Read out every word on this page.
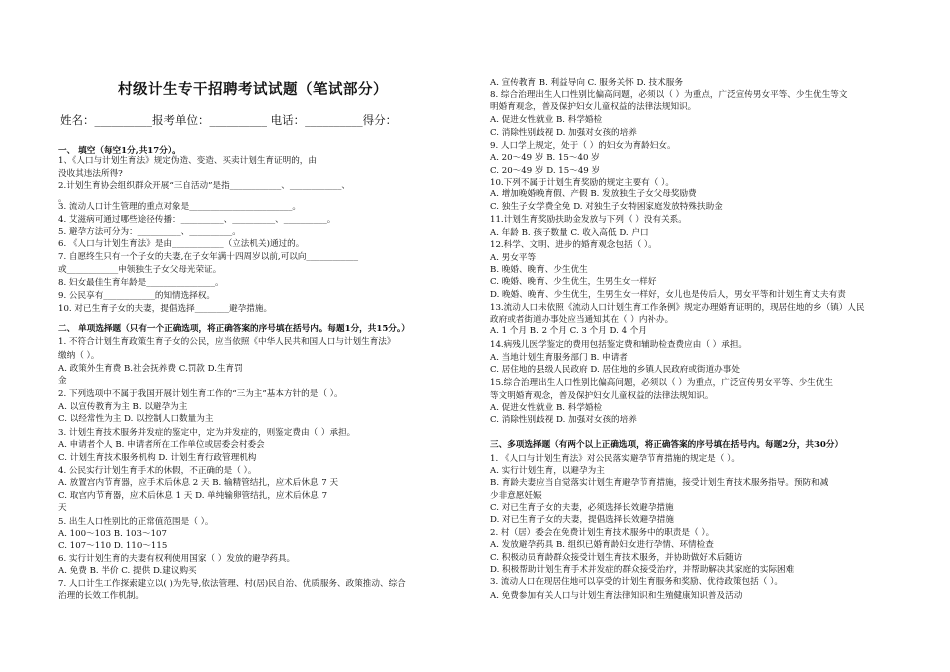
村级计生专干招聘考试试题（笔试部分）
姓名：__________报考单位：__________ 电话：__________得分：
一、 填空（每空1分,共17分）。
1、《人口与计划生育法》规定伪造、变造、买卖计划生育证明的，由
没收其违法所得?
2.计划生育协会组织群众开展“三自活动”是指____________、____________、
。
3. 流动人口计生管理的重点对象是________________________。
4. 艾滋病可通过哪些途径传播：__________、__________、__________。
5. 避孕方法可分为：__________、__________。
6. 《人口与计划生育法》是由____________（立法机关)通过的。
7. 自愿终生只有一个子女的夫妻,在子女年满十四周岁以前,可以向____________
或____________申领独生子女父母光荣证。
8. 妇女最佳生育年龄是________________。
9. 公民享有____________的知情选择权。
10. 对已生育子女的夫妻，提倡选择________避孕措施。
二、 单项选择题（只有一个正确选项，将正确答案的序号填在括号内。每题1分，共15分。）
1. 不符合计划生育政策生育子女的公民，应当依照《中华人民共和国人口与计划生育法》
缴纳（ ）。
A. 政策外生育费 B.社会抚养费 C.罚款 D.生育罚
金
2. 下列选项中不属于我国开展计划生育工作的“三为主”基本方针的是（ ）。
A. 以宣传教育为主 B. 以避孕为主
C. 以经常性为主 D. 以控制人口数量为主
3. 计划生育技术服务并发症的鉴定中，定为并发症的，则鉴定费由（ ）承担。
A. 申请者个人 B. 申请者所在工作单位或居委会村委会
C. 计划生育技术服务机构 D. 计划生育行政管理机构
4. 公民实行计划生育手术的休假，不正确的是（ ）。
A. 放置宫内节育器，应手术后休息 2 天 B. 输精管结扎，应术后休息 7 天
C. 取宫内节育器，应术后休息 1 天 D. 单纯输卵管结扎，应术后休息 7
天
5. 出生人口性别比的正常值范围是（ ）。
A. 100～103 B. 103～107
C. 107～110 D. 110～115
6. 实行计划生育的夫妻有权利使用国家（ ）发放的避孕药具。
A. 免费 B. 半价 C. 提供 D.建议购买
7. 人口计生工作探索建立以( )为先导,依法管理、村(居)民自治、优质服务、政策推动、综合
治理的长效工作机制。
A. 宣传教育 B. 利益导向 C. 服务关怀 D. 技术服务
8. 综合治理出生人口性别比偏高问题，必须以（ ）为重点，广泛宣传男女平等、少生优生等文
明婚育观念，普及保护妇女儿童权益的法律法规知识。
A. 促进女性就业 B. 科学婚检
C. 消除性别歧视 D. 加强对女孩的培养
9. 人口学上规定，处于（ ）的妇女为育龄妇女。
A. 20～49 岁 B. 15～40 岁
C. 20～49 岁 D. 15～49 岁
10.下列不属于计划生育奖励的规定主要有（ ）。
A. 增加晚婚晚育假、产假 B. 发放独生子女父母奖励费
C. 独生子女学费全免 D. 对独生子女特困家庭发放特殊扶助金
11.计划生育奖励扶助金发放与下列（ ）没有关系。
A. 年龄 B. 孩子数量 C. 收入高低 D. 户口
12.科学、文明、进步的婚育观念包括（ ）。
A. 男女平等
B. 晚婚、晚育、少生优生
C. 晚婚、晚育、少生优生，生男生女一样好
D. 晚婚、晚育、少生优生，生男生女一样好，女儿也是传后人，男女平等和计划生育丈夫有责
13.流动人口未依照《流动人口计划生育工作条例》规定办理婚育证明的，现居住地的乡（镇）人民
政府或者街道办事处应当通知其在（ ）内补办。
A. 1 个月 B. 2 个月 C. 3 个月 D. 4 个月
14.病残儿医学鉴定的费用包括鉴定费和辅助检查费应由（ ）承担。
A. 当地计划生育服务部门 B. 申请者
C. 居住地的县级人民政府 D. 居住地的乡镇人民政府或街道办事处
15.综合治理出生人口性别比偏高问题，必须以（ ）为重点，广泛宣传男女平等、少生优生
等文明婚育观念，普及保护妇女儿童权益的法律法规知识。
A. 促进女性就业 B. 科学婚检
C. 消除性别歧视 D. 加强对女孩的培养
三、多项选择题（有两个以上正确选项，将正确答案的序号填在括号内。每题2分，共30分）
1. 《人口与计划生育法》对公民落实避孕节育措施的规定是（ ）。
A. 实行计划生育，以避孕为主
B. 育龄夫妻应当自觉落实计划生育避孕节育措施，接受计划生育技术服务指导。预防和减
少非意愿妊娠
C. 对已生育子女的夫妻，必须选择长效避孕措施
D. 对已生育子女的夫妻，提倡选择长效避孕措施
2. 村（居）委会在免费计划生育技术服务中的职责是（ ）。
A. 发放避孕药具 B. 组织已婚育龄妇女进行孕情、环情检查
C. 积极动员育龄群众接受计划生育技术服务，并协助做好术后随访
D. 积极帮助计划生育手术并发症的群众接受治疗，并帮助解决其家庭的实际困难
3. 流动人口在现居住地可以享受的计划生育服务和奖励、优待政策包括（ ）。
A. 免费参加有关人口与计划生育法律知识和生殖健康知识普及活动
